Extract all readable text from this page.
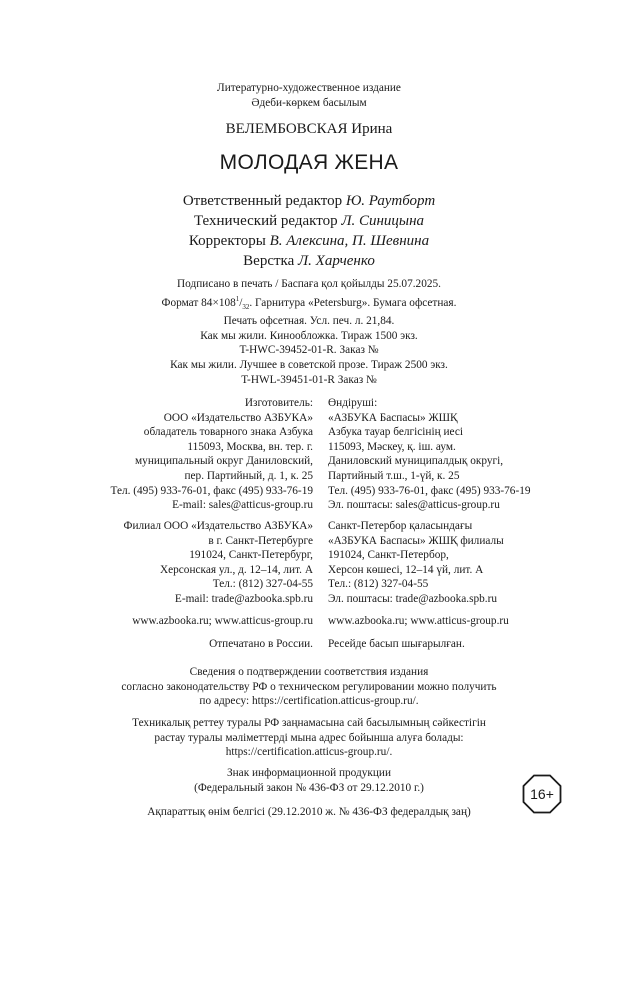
Литературно-художественное издание
Әдеби-көркем басылым
ВЕЛЕМБОВСКАЯ Ирина
МОЛОДАЯ ЖЕНА
Ответственный редактор Ю. Раутборт
Технический редактор Л. Синицына
Корректоры В. Алексина, П. Шевнина
Верстка Л. Харченко
Подписано в печать / Баспаға қол қойылды 25.07.2025.
Формат $84\times 108^1/_{32}$. Гарнитура «Petersburg». Бумага офсетная.
Печать офсетная. Усл. печ. л. 21,84.
Как мы жили. Кинообложка. Тираж 1500 экз.
T-HWC-39452-01-R. Заказ №
Как мы жили. Лучшее в советской прозе. Тираж 2500 экз.
T-HWL-39451-01-R Заказ №
Изготовитель:
ООО «Издательство АЗБУКА»
обладатель товарного знака Азбука
115093, Москва, вн. тер. г.
муниципальный округ Даниловский,
пер. Партийный, д. 1, к. 25
Тел. (495) 933-76-01, факс (495) 933-76-19
E-mail: sales@atticus-group.ru
Өндіруші:
«АЗБУКА Баспасы» ЖШҚ
Азбука тауар белгісінің иесі
115093, Мәскеу, қ. іш. аум.
Даниловский муниципалдық округі,
Партийный т.ш., 1-үй, к. 25
Тел. (495) 933-76-01, факс (495) 933-76-19
Эл. поштасы: sales@atticus-group.ru
Филиал ООО «Издательство АЗБУКА»
в г. Санкт-Петербурге
191024, Санкт-Петербург,
Херсонская ул., д. 12–14, лит. А
Тел.: (812) 327-04-55
E-mail: trade@azbooka.spb.ru
Санкт-Петербор қаласындағы
«АЗБУКА Баспасы» ЖШҚ филиалы
191024, Санкт-Петербор,
Херсон көшесі, 12–14 үй, лит. А
Тел.: (812) 327-04-55
Эл. поштасы: trade@azbooka.spb.ru
www.azbooka.ru; www.atticus-group.ru www.azbooka.ru; www.atticus-group.ru
Отпечатано в России. Ресейде басып шығарылған.
Сведения о подтверждении соответствия издания
согласно законодательству РФ о техническом регулировании можно получить
по адресу: https://certification.atticus-group.ru/.
Техникалық реттеу туралы РФ заңнамасына сай басылымның сәйкестігін
растау туралы мәліметтерді мына адрес бойынша алуға болады:
https://certification.atticus-group.ru/.
Знак информационной продукции
(Федеральный закон № 436-ФЗ от 29.12.2010 г.)
Ақпараттық өнім белгісі (29.12.2010 ж. № 436-ФЗ федералдық заң)
16+
